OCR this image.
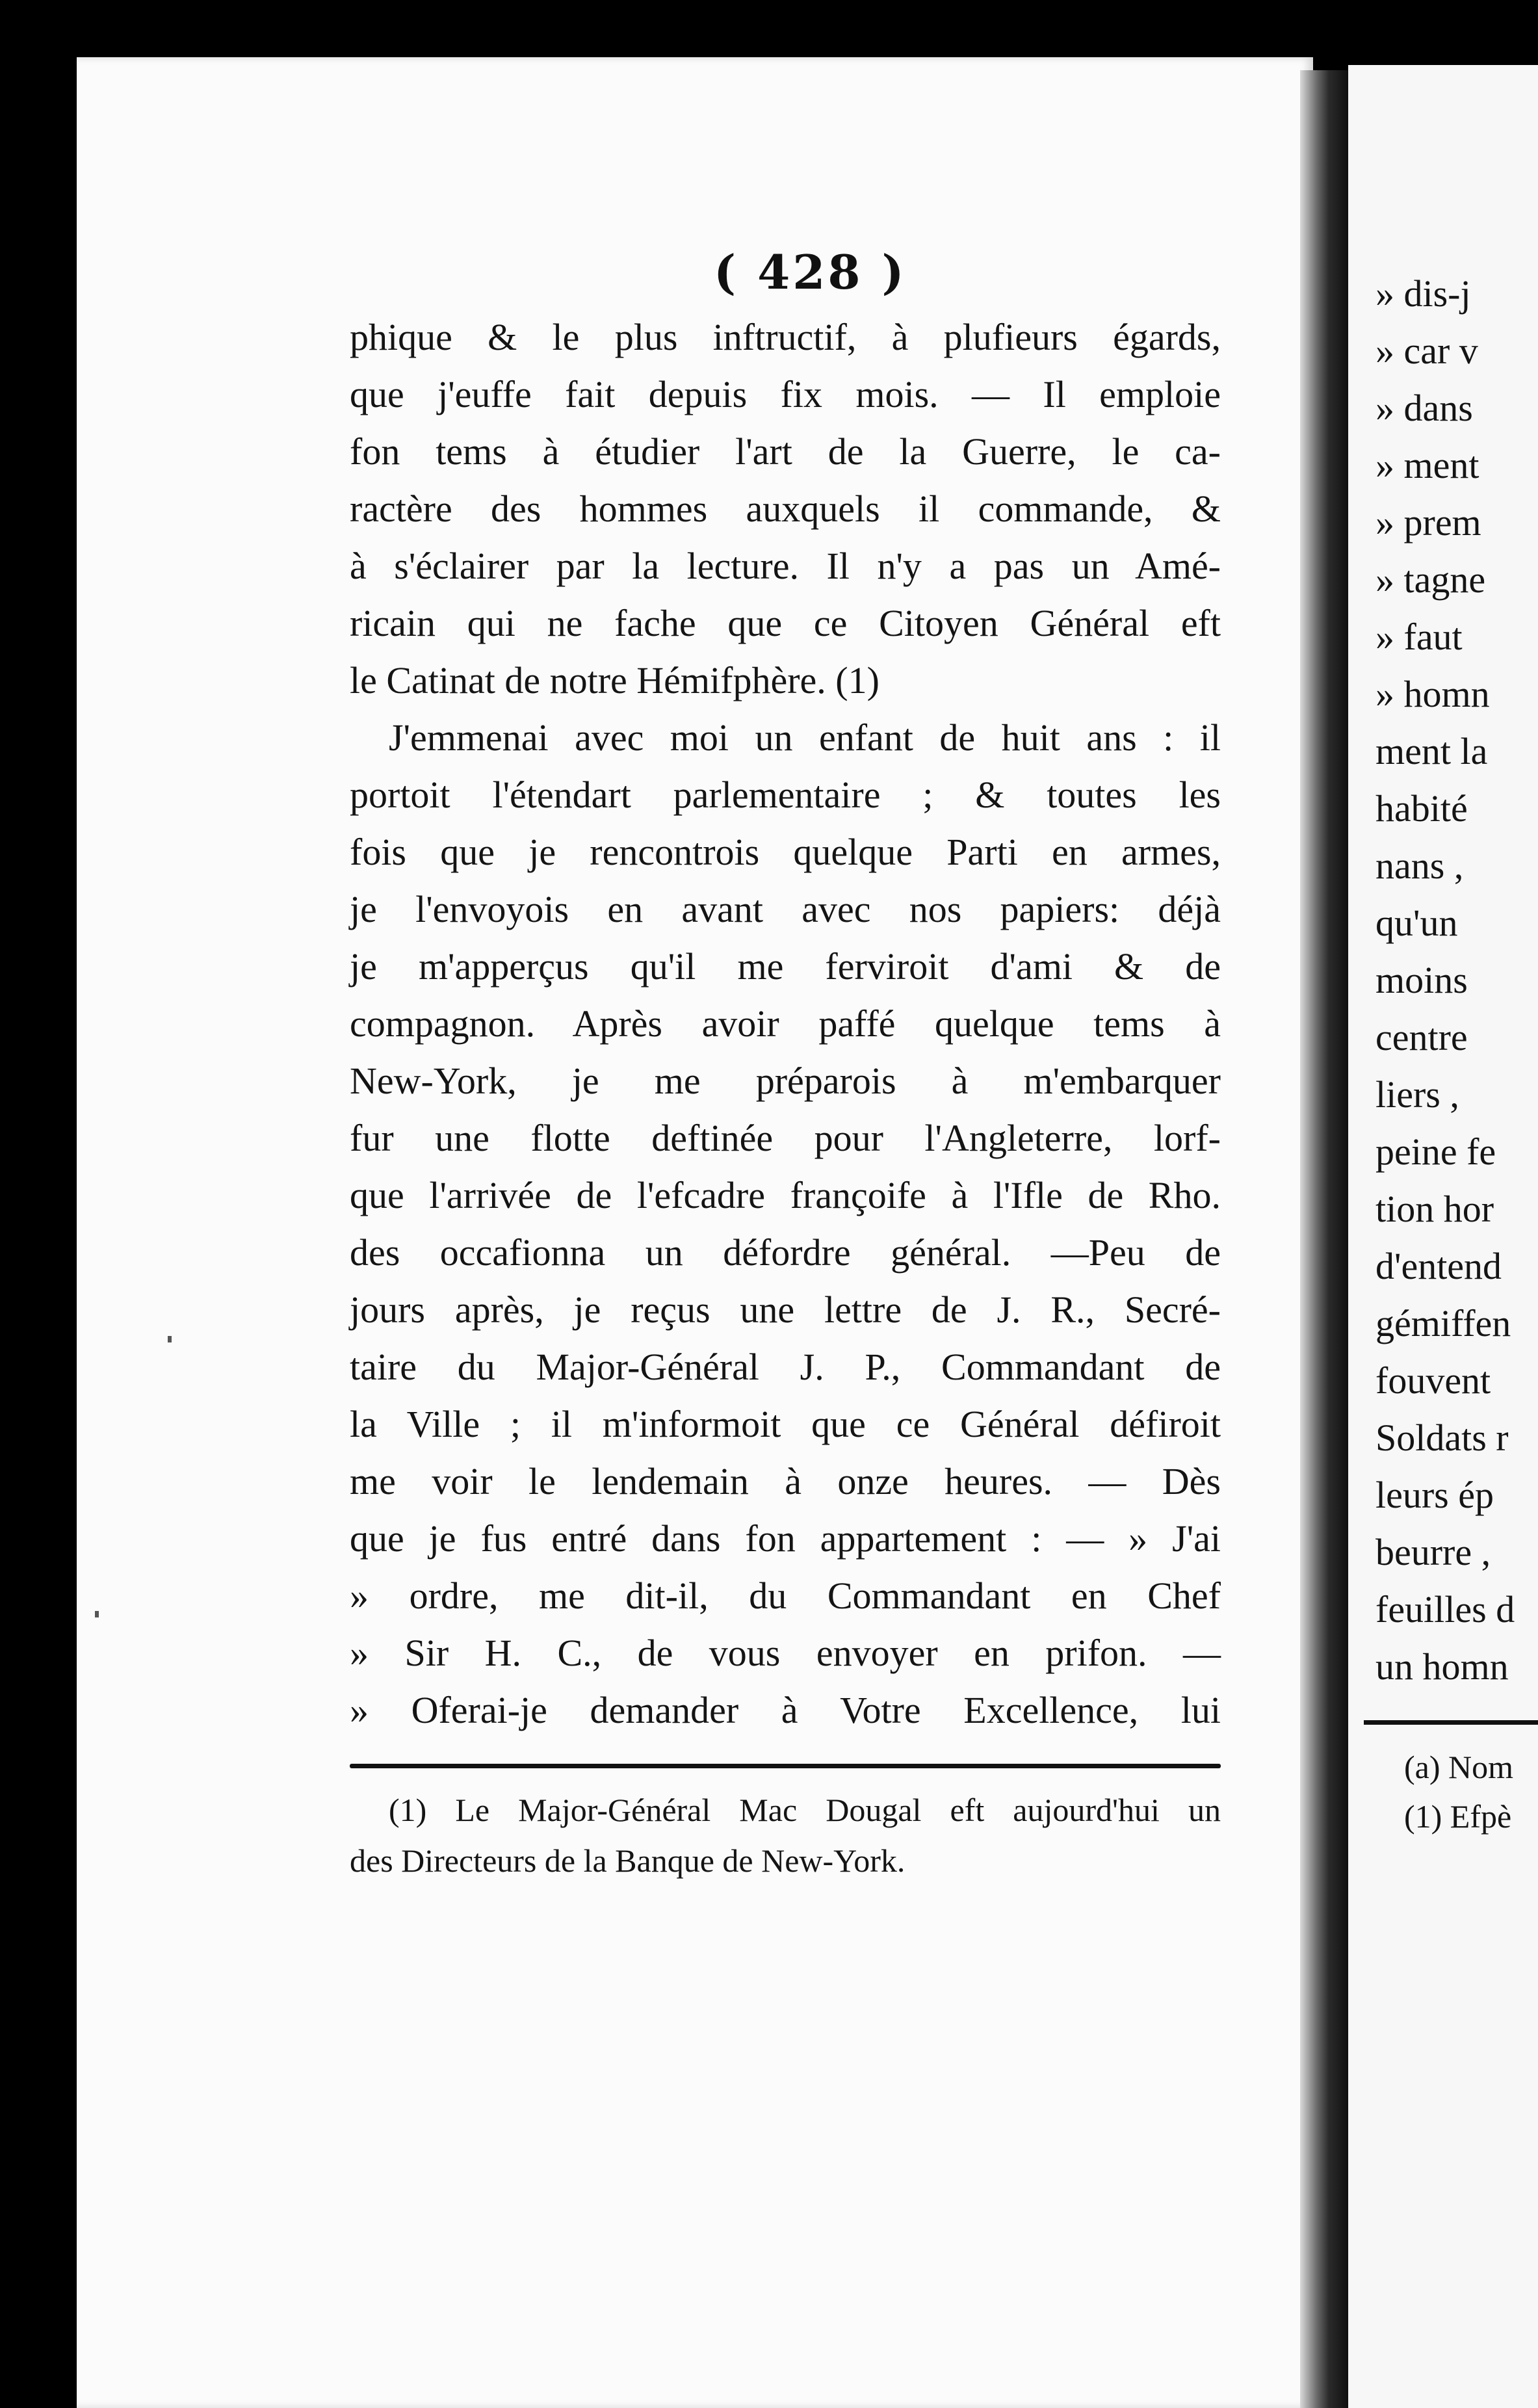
( 428 )
phique & le plus inftructif, à plufieurs égards,
que j'euffe fait depuis fix mois. — Il emploie
fon tems à étudier l'art de la Guerre, le ca-
ractère des hommes auxquels il commande, &
à s'éclairer par la lecture. Il n'y a pas un Amé-
ricain qui ne fache que ce Citoyen Général eft
le Catinat de notre Hémifphère. (1)
J'emmenai avec moi un enfant de huit ans : il
portoit l'étendart parlementaire ; & toutes les
fois que je rencontrois quelque Parti en armes,
je l'envoyois en avant avec nos papiers: déjà
je m'apperçus qu'il me ferviroit d'ami & de
compagnon. Après avoir paffé quelque tems à
New-York, je me préparois à m'embarquer
fur une flotte deftinée pour l'Angleterre, lorf-
que l'arrivée de l'efcadre françoife à l'Ifle de Rho.
des occafionna un défordre général. —Peu de
jours après, je reçus une lettre de J. R., Secré-
taire du Major-Général J. P., Commandant de
la Ville ; il m'informoit que ce Général défiroit
me voir le lendemain à onze heures. — Dès
que je fus entré dans fon appartement : — » J'ai
» ordre, me dit-il, du Commandant en Chef
» Sir H. C., de vous envoyer en prifon. —
» Oferai-je demander à Votre Excellence, lui
(1) Le Major-Général Mac Dougal eft aujourd'hui un
des Directeurs de la Banque de New-York.
» dis-j
» car v
» dans
» ment
» prem
» tagne
» faut
» homn
ment la
habité
nans ,
qu'un
moins
centre
liers ,
peine fe
tion hor
d'entend
gémiffen
fouvent
Soldats r
leurs ép
beurre ,
feuilles d
un homn
(a) Nom
(1) Efpè
